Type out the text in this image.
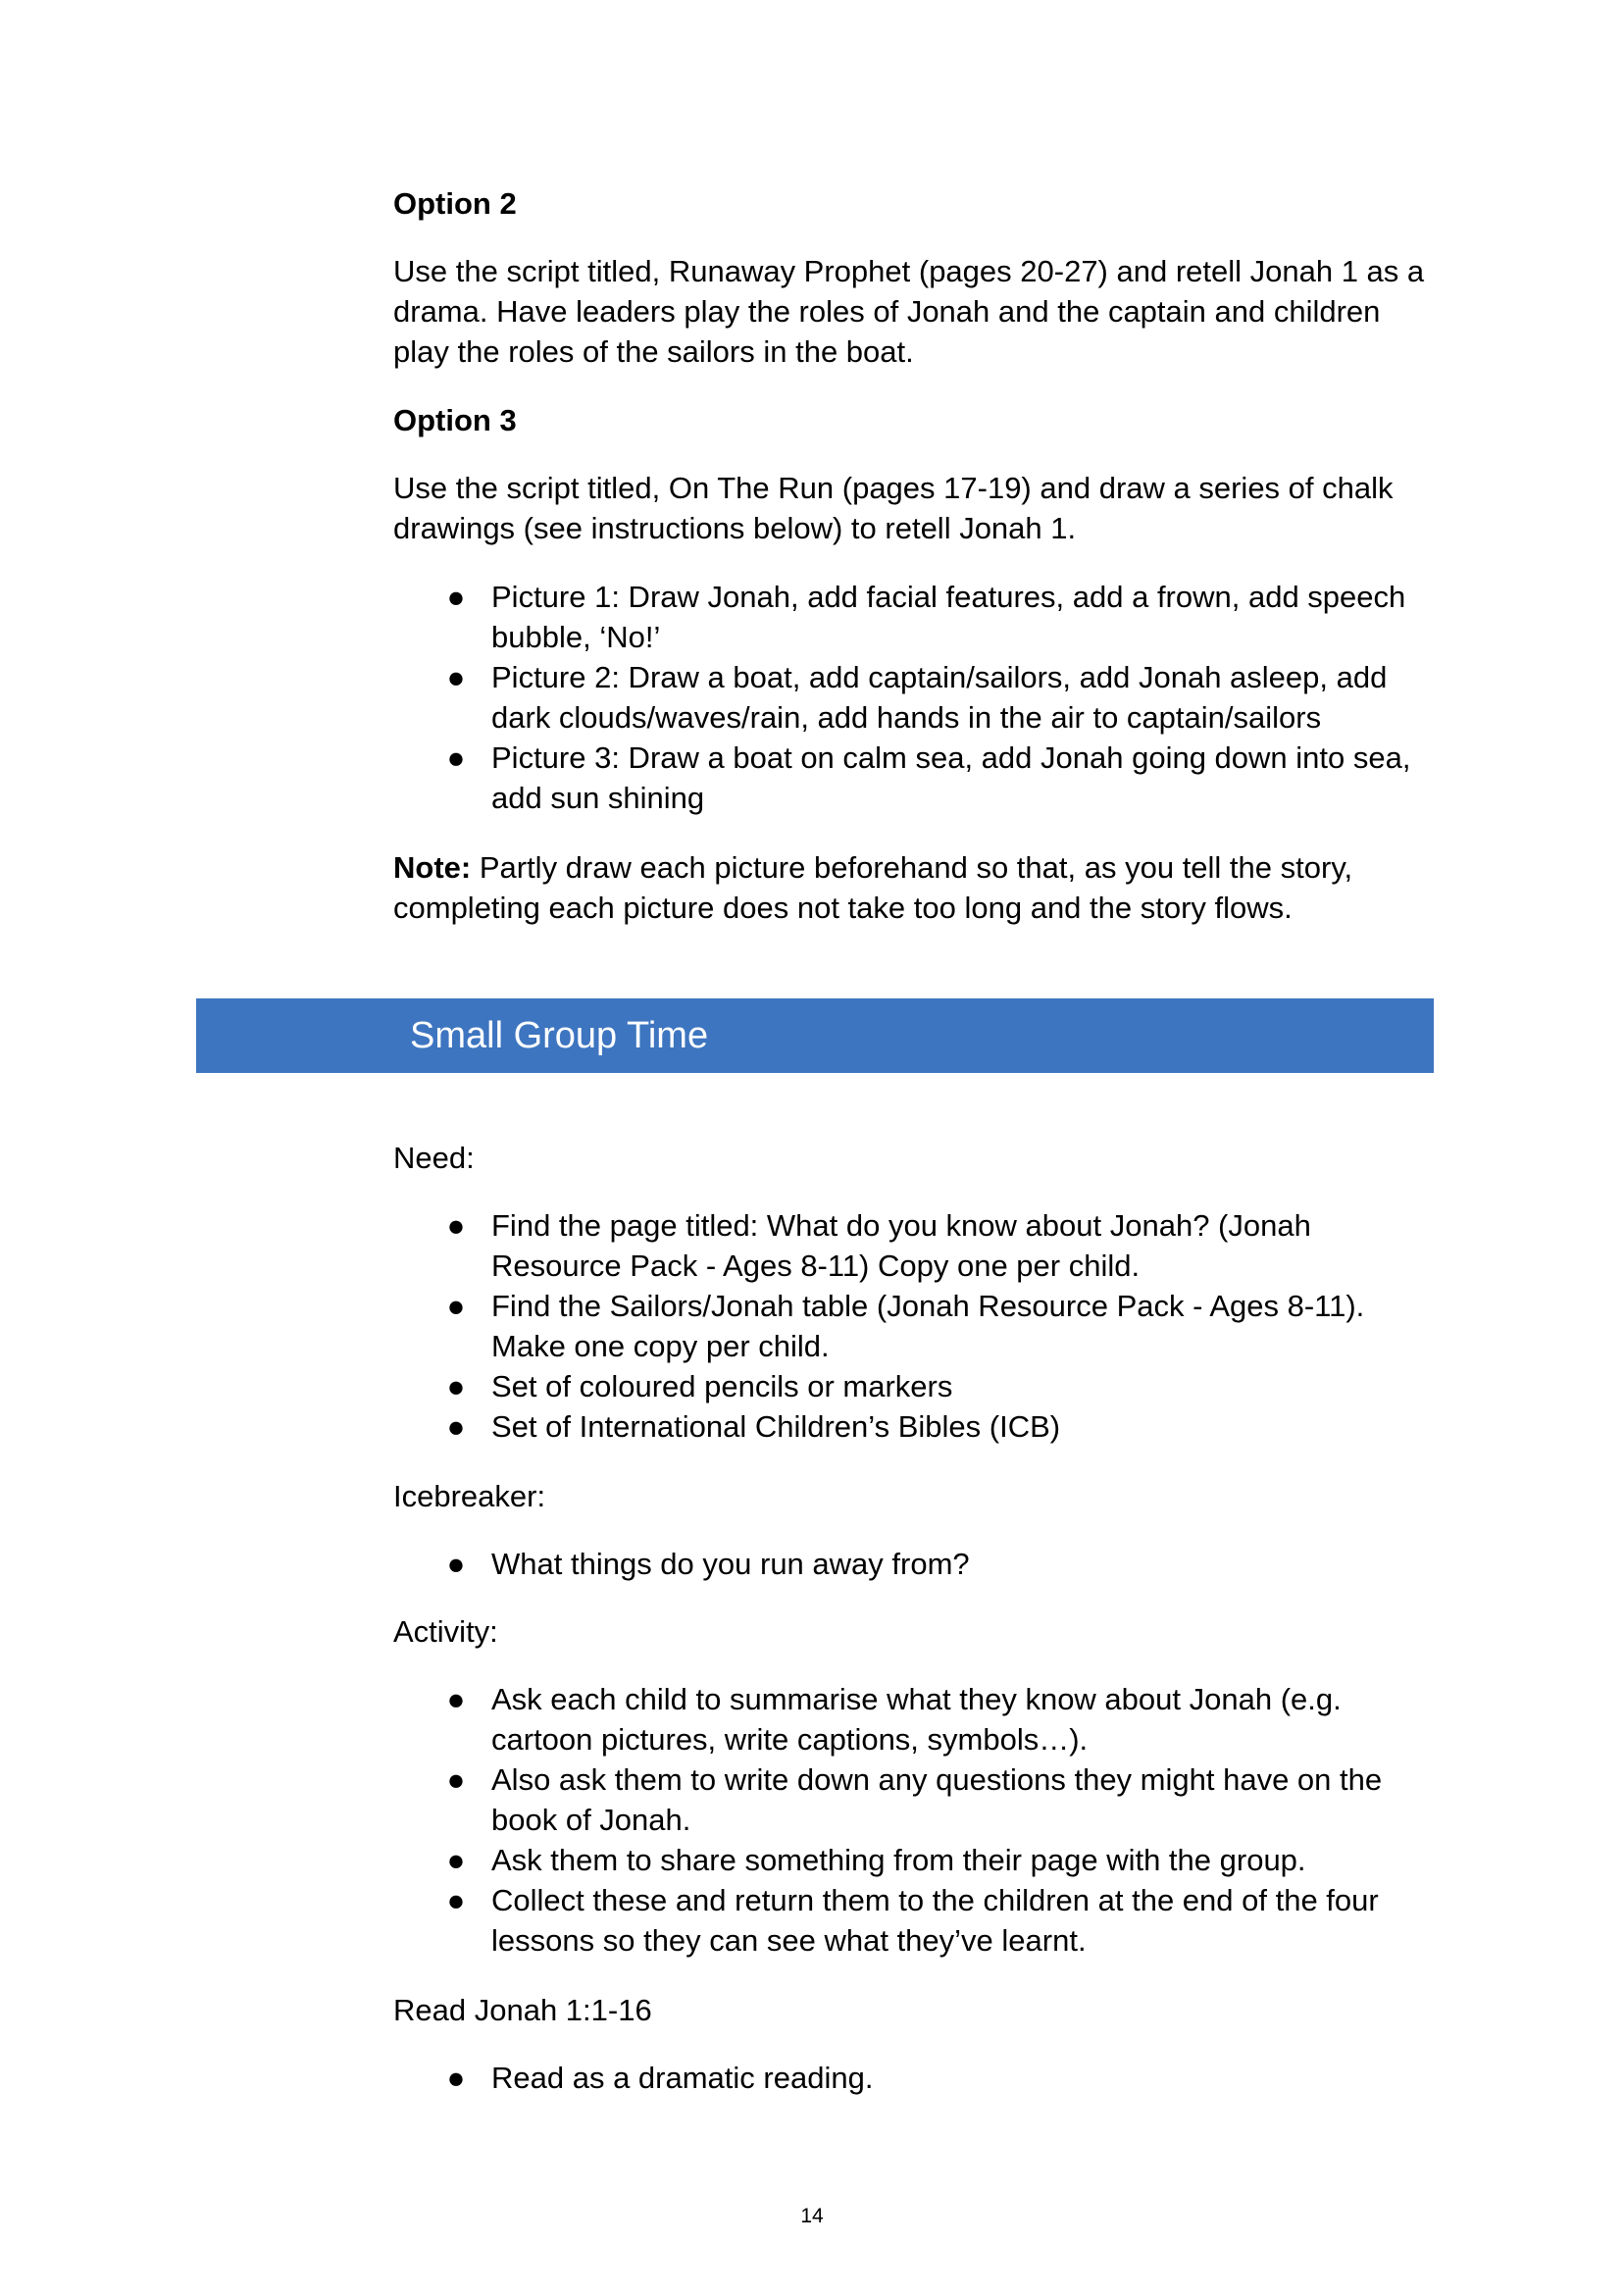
Option 2

Use the script titled, Runaway Prophet (pages 20-27) and retell Jonah 1 as a drama. Have leaders play the roles of Jonah and the captain and children play the roles of the sailors in the boat.

Option 3

Use the script titled, On The Run (pages 17-19) and draw a series of chalk drawings (see instructions below) to retell Jonah 1.

● Picture 1: Draw Jonah, add facial features, add a frown, add speech bubble, ‘No!’
● Picture 2: Draw a boat, add captain/sailors, add Jonah asleep, add dark clouds/waves/rain, add hands in the air to captain/sailors
● Picture 3: Draw a boat on calm sea, add Jonah going down into sea, add sun shining

Note: Partly draw each picture beforehand so that, as you tell the story, completing each picture does not take too long and the story flows.

Small Group Time

Need:

● Find the page titled: What do you know about Jonah? (Jonah Resource Pack - Ages 8-11) Copy one per child.
● Find the Sailors/Jonah table (Jonah Resource Pack - Ages 8-11). Make one copy per child.
● Set of coloured pencils or markers
● Set of International Children’s Bibles (ICB)

Icebreaker:

● What things do you run away from?

Activity:

● Ask each child to summarise what they know about Jonah (e.g. cartoon pictures, write captions, symbols…).
● Also ask them to write down any questions they might have on the book of Jonah.
● Ask them to share something from their page with the group.
● Collect these and return them to the children at the end of the four lessons so they can see what they’ve learnt.

Read Jonah 1:1-16

● Read as a dramatic reading.
14
